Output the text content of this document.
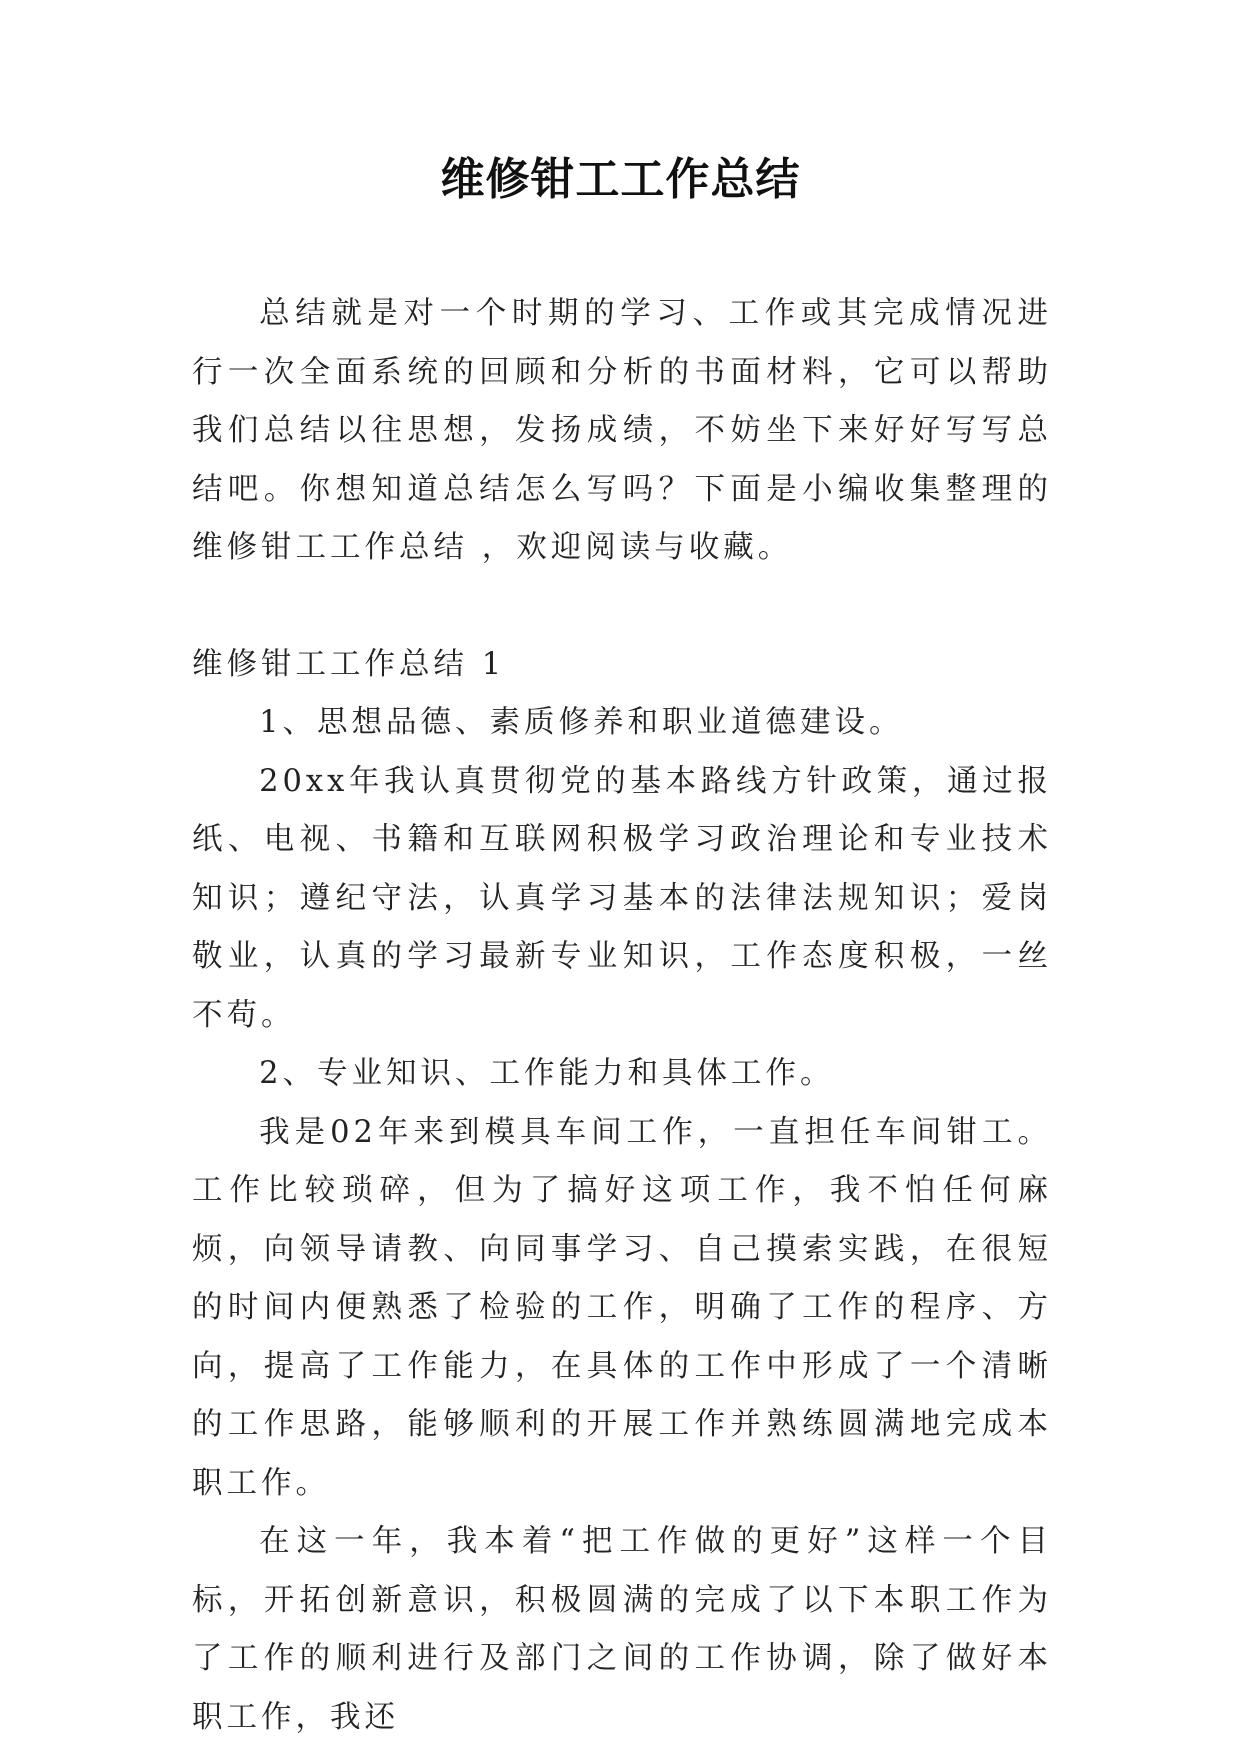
维修钳工工作总结

总结就是对一个时期的学习、工作或其完成情况进行一次全面系统的回顾和分析的书面材料，它可以帮助我们总结以往思想，发扬成绩，不妨坐下来好好写写总结吧。你想知道总结怎么写吗？下面是小编收集整理的维修钳工工作总结 ，欢迎阅读与收藏。

维修钳工工作总结 1

1、思想品德、素质修养和职业道德建设。

20xx年我认真贯彻党的基本路线方针政策，通过报纸、电视、书籍和互联网积极学习政治理论和专业技术知识；遵纪守法，认真学习基本的法律法规知识；爱岗敬业，认真的学习最新专业知识，工作态度积极，一丝不苟。

2、专业知识、工作能力和具体工作。

我是02年来到模具车间工作，一直担任车间钳工。工作比较琐碎，但为了搞好这项工作，我不怕任何麻烦，向领导请教、向同事学习、自己摸索实践，在很短的时间内便熟悉了检验的工作，明确了工作的程序、方向，提高了工作能力，在具体的工作中形成了一个清晰的工作思路，能够顺利的开展工作并熟练圆满地完成本职工作。

在这一年，我本着“把工作做的更好”这样一个目标，开拓创新意识，积极圆满的完成了以下本职工作为了工作的顺利进行及部门之间的工作协调，除了做好本职工作，我还
